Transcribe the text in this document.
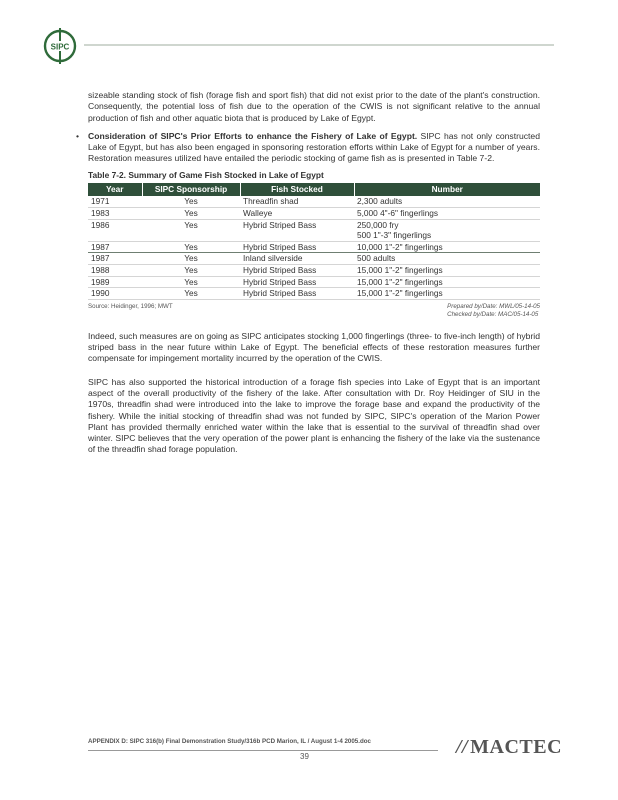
SIPC

sizeable standing stock of fish (forage fish and sport fish) that did not exist prior to the date of the plant's construction. Consequently, the potential loss of fish due to the operation of the CWIS is not significant relative to the annual production of fish and other aquatic biota that is produced by Lake of Egypt.

•	Consideration of SIPC's Prior Efforts to enhance the Fishery of Lake of Egypt. SIPC has not only constructed Lake of Egypt, but has also been engaged in sponsoring restoration efforts within Lake of Egypt for a number of years. Restoration measures utilized have entailed the periodic stocking of game fish as is presented in Table 7-2.

Table 7-2. Summary of Game Fish Stocked in Lake of Egypt
Year	SIPC Sponsorship	Fish Stocked	Number
1971	Yes	Threadfin shad	2,300 adults
1983	Yes	Walleye	5,000 4"-6" fingerlings
1986	Yes	Hybrid Striped Bass	250,000 fry
500 1"-3" fingerlings

1987	Yes	Hybrid Striped Bass	10,000 1"-2" fingerlings
1987	Yes	Inland silverside	500 adults
1988	Yes	Hybrid Striped Bass	15,000 1"-2" fingerlings
1989	Yes	Hybrid Striped Bass	15,000 1"-2" fingerlings
1990	Yes	Hybrid Striped Bass	15,000 1"-2" fingerlings
Source: Heidinger, 1996; MWT	Prepared by/Date: MWL/05-14-05
Checked by/Date: MAC/05-14-05

Indeed, such measures are on going as SIPC anticipates stocking 1,000 fingerlings (three- to five-inch length) of hybrid striped bass in the near future within Lake of Egypt. The beneficial effects of these restoration measures further compensate for impingement mortality incurred by the operation of the CWIS.

SIPC has also supported the historical introduction of a forage fish species into Lake of Egypt that is an important aspect of the overall productivity of the fishery of the lake. After consultation with Dr. Roy Heidinger of SIU in the 1970s, threadfin shad were introduced into the lake to improve the forage base and expand the productivity of the fishery. While the initial stocking of threadfin shad was not funded by SIPC, SIPC's operation of the Marion Power Plant has provided thermally enriched water within the lake that is essential to the survival of threadfin shad over winter. SIPC believes that the very operation of the power plant is enhancing the fishery of the lake via the sustenance of the threadfin shad forage population.

APPENDIX D: SIPC 316(b) Final Demonstration Study/316b PCD Marion, IL / August 1-4 2005.doc
39	// MACTEC
